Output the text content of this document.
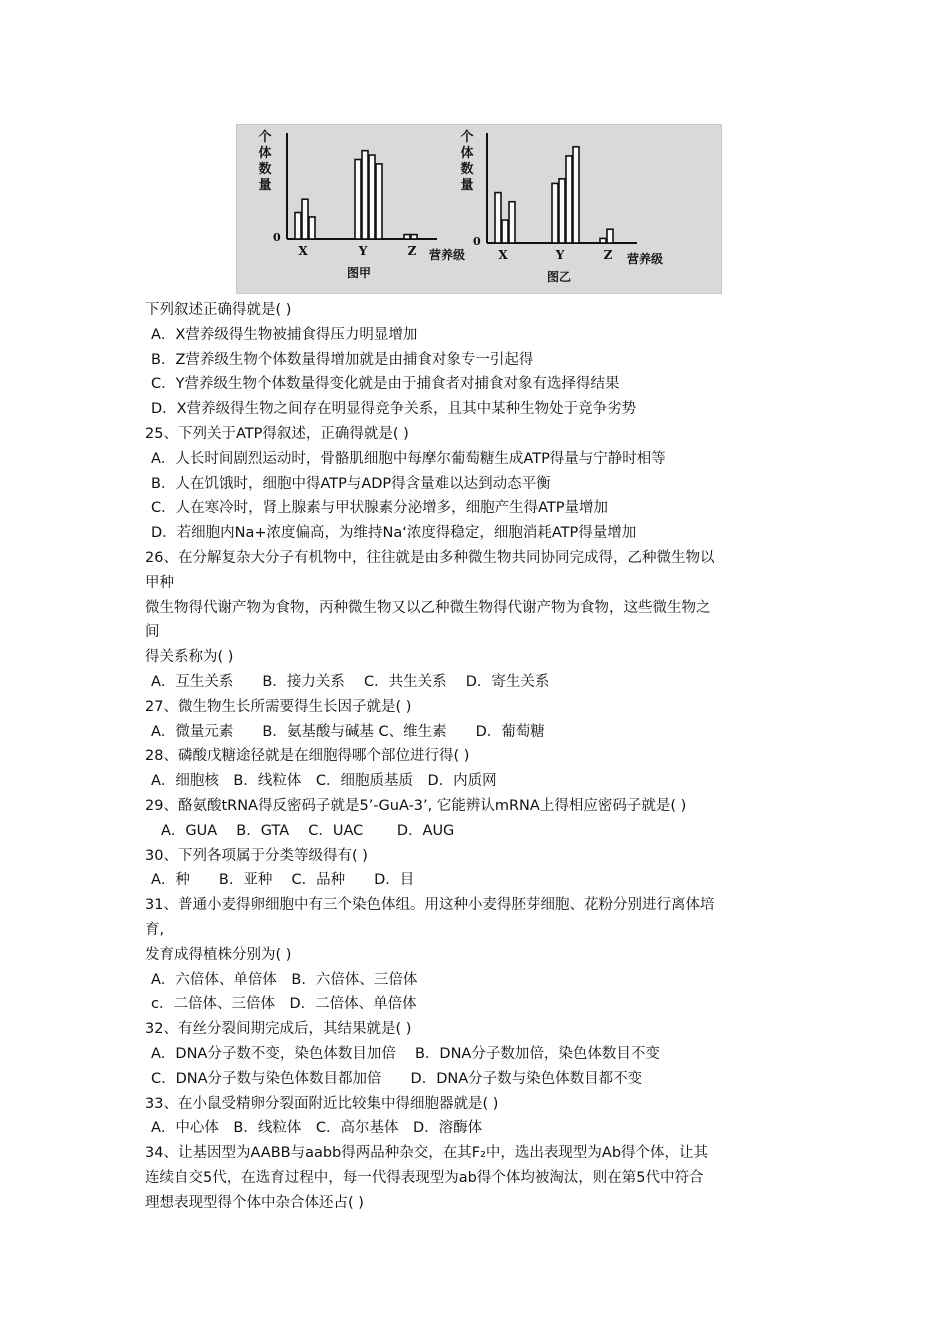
个
体
数
量
0
X	Y	Z 营养级
图甲
个
体
数
量
0
X	Y	Z 营养级
图乙
下列叙述正确得就是( )
A．X营养级得生物被捕食得压力明显增加
B．Z营养级生物个体数量得增加就是由捕食对象专一引起得
C．Y营养级生物个体数量得变化就是由于捕食者对捕食对象有选择得结果
D．X营养级得生物之间存在明显得竞争关系，且其中某种生物处于竞争劣势
25、下列关于ATP得叙述，正确得就是( )
A．人长时间剧烈运动时，骨骼肌细胞中每摩尔葡萄糖生成ATP得量与宁静时相等
B．人在饥饿时，细胞中得ATP与ADP得含量难以达到动态平衡
C．人在寒冷时，肾上腺素与甲状腺素分泌增多，细胞产生得ATP量增加
D．若细胞内Na+浓度偏高，为维持Na‘浓度得稳定，细胞消耗ATP得量增加
26、在分解复杂大分子有机物中，往往就是由多种微生物共同协同完成得，乙种微生物以
甲种
微生物得代谢产物为食物，丙种微生物又以乙种微生物得代谢产物为食物，这些微生物之
间
得关系称为( )
A．互生关系　　B．接力关系　 C．共生关系　 D．寄生关系
27、微生物生长所需要得生长因子就是( )
A．微量元素　　B．氨基酸与碱基 C、维生素　　D．葡萄糖
28、磷酸戊糖途径就是在细胞得哪个部位进行得( )
A．细胞核　B．线粒体　C．细胞质基质　D．内质网
29、酪氨酸tRNA得反密码子就是5’-GuA-3’, 它能辨认mRNA上得相应密码子就是( )
A．GUA　 B．GTA　 C．UAC　　 D．AUG
30、下列各项属于分类等级得有( )
A．种　　B．亚种　 C．品种　　D．目
31、普通小麦得卵细胞中有三个染色体组。用这种小麦得胚芽细胞、花粉分别进行离体培
育,
发育成得植株分别为( )
A．六倍体、单倍体　B．六倍体、三倍体
c．二倍体、三倍体　D．二倍体、单倍体
32、有丝分裂间期完成后，其结果就是( )
A．DNA分子数不变，染色体数目加倍　 B．DNA分子数加倍，染色体数目不变
C．DNA分子数与染色体数目都加倍　　D．DNA分子数与染色体数目都不变
33、在小鼠受精卵分裂面附近比较集中得细胞器就是( )
A．中心体　B．线粒体　C．高尔基体　D．溶酶体
34、让基因型为AABB与aabb得两品种杂交，在其F₂中，选出表现型为Ab得个体，让其
连续自交5代，在选育过程中，每一代得表现型为ab得个体均被淘汰，则在第5代中符合
理想表现型得个体中杂合体还占( )
